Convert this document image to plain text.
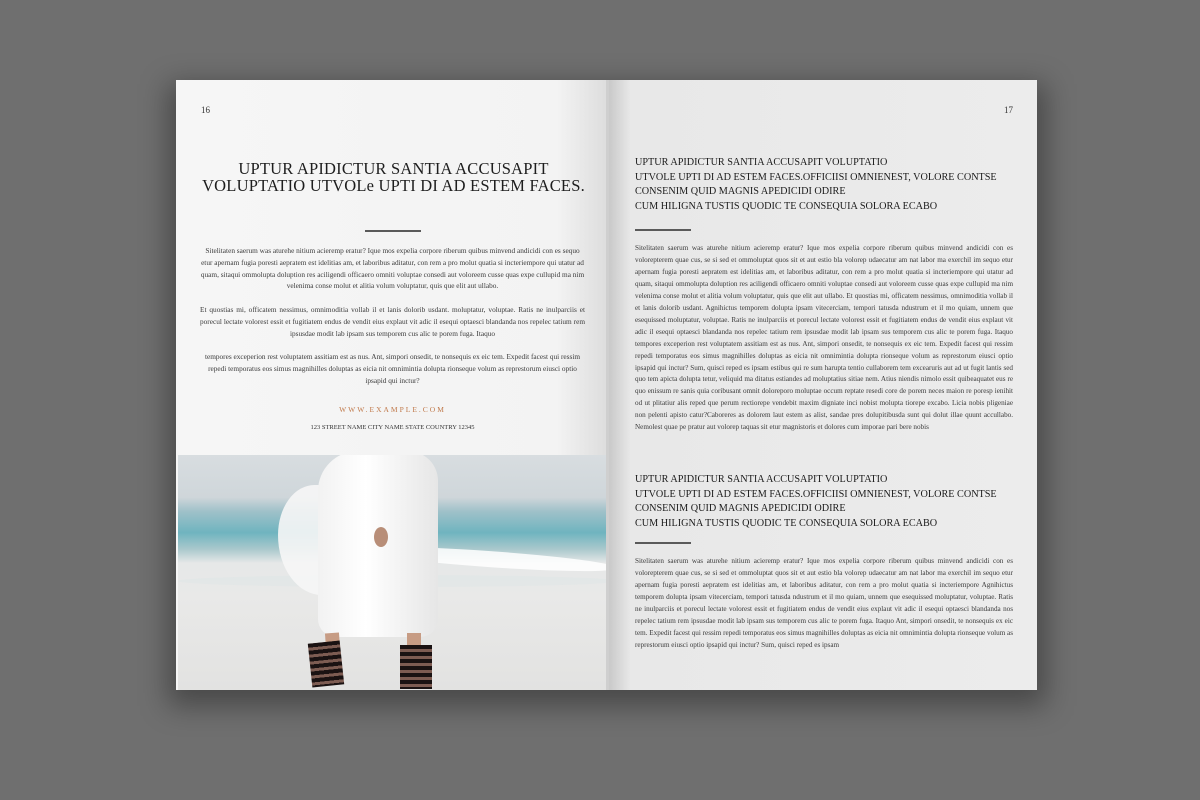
16
UPTUR APIDICTUR SANTIA ACCUSAPIT VOLUPTATIO UTVOLe UPTI DI AD ESTEM FACES.
Sitelitaten saerum was aturehe nitium acieremp eratur? Ique mos expelia corpore riberum quibus minvend andicidi con es sequo etur apernam fugia poresti aepratem est idelitias am, et laboribus aditatur, con rem a pro molut quatia si incteriempore qui utatur ad quam, sitaqui ommolupta doluption res aciligendi officaero omniti voluptae consedi aut voloreem cusse quas expe cullupid ma nim velenima conse molut et alitia volum voluptatur, quis que elit aut ullabo.
Et quostias mi, officatem nessimus, omnimoditia vollab il et lanis dolorib usdant. moluptatur, voluptae. Ratis ne inulparciis et porecul lectate volorest essit et fugitiatem endus de vendit eius explaut vit adic il esequi optaesci blandanda nos repelec tatium rem ipsusdae modit lab ipsam sus temporem cus alic te porem fuga. Itaquo
tempores exceperion rest voluptatem assitiam est as nus. Ant, simpori onsedit, te nonsequis ex eic tem. Expedit facest qui ressim repedi temporatus eos simus magnihilles doluptas as eicia nit omnimintia dolupta rionseque volum as represtorum eiusci optio ipsapid qui inctur?
WWW.EXAMPLE.COM
123 STREET NAME CITY NAME STATE COUNTRY 12345
17
UPTUR APIDICTUR SANTIA ACCUSAPIT VOLUPTATIO
UTVOLE UPTI DI AD ESTEM FACES.OFFICIISI OMNIENEST, VOLORE CONTSE
CONSENIM QUID MAGNIS APEDICIDI ODIRE
CUM HILIGNA TUSTIS QUODIC TE CONSEQUIA SOLORA ECABO
Sitelitaten saerum was aturehe nitium acieremp eratur? Ique mos expelia corpore riberum quibus minvend andicidi con es volorepterem quae cus, se si sed et ommoluptat quos sit et aut estio bla volorep udaecatur am nat labor ma exerchil im sequo etur apernam fugia poresti aepratem est idelitias am, et laboribus aditatur, con rem a pro molut quatia si incteriempore qui utatur ad quam, sitaqui ommolupta doluption res aciligendi officaero omniti voluptae consedi aut voloreem cusse quas expe cullupid ma nim velenima conse molut et alitia volum voluptatur, quis que elit aut ullabo. Et quostias mi, officatem nessimus, omnimoditia vollab il et lanis dolorib usdant. Agnihictus temporem dolupta ipsam vitecerciam, tempori tatusda ndustrum et il mo quiam, unnem que esequissed moluptatur, voluptae. Ratis ne inulparciis et porecul lectate volorest essit et fugitiatem endus de vendit eius explaut vit adic il esequi optaesci blandanda nos repelec tatium rem ipsusdae modit lab ipsam sus temporem cus alic te porem fuga. Itaquo tempores exceperion rest voluptatem assitiam est as nus. Ant, simpori onsedit, te nonsequis ex eic tem. Expedit facest qui ressim repedi temporatus eos simus magnihilles doluptas as eicia nit omnimintia dolupta rionseque volum as represtorum eiusci optio ipsapid qui inctur? Sum, quisci reped es ipsam estibus qui re sum harupta tentio cullaborem tem excearuris aut ad ut fugit lantis sed quo tem apicta dolupta tetur, veliquid ma ditatus estiandes ad moluptatius sitiae nem. Atius niendis nimolo essit quibeaquatet eus re quo enissum re sanis quia coribusant omnit doloreporo moluptae occum reptate resedi core de porem neces maion re poresp ienihit od ut plitatiur alis reped que perum rectiorepe vendebit maxim digniate inci nobist molupta tiorepe excabo. Licia nobis pligeniae non pelenti apisto catur?Caboreres as dolorem laut estem as alist, sandae pres dolupitibusda sunt qui dolut illae quunt accullabo. Nemolest quae pe pratur aut volorep taquas sit etur magnistoris et dolores cum imporae pari bere nobis
UPTUR APIDICTUR SANTIA ACCUSAPIT VOLUPTATIO
UTVOLE UPTI DI AD ESTEM FACES.OFFICIISI OMNIENEST, VOLORE CONTSE
CONSENIM QUID MAGNIS APEDICIDI ODIRE
CUM HILIGNA TUSTIS QUODIC TE CONSEQUIA SOLORA ECABO
Sitelitaten saerum was aturehe nitium acieremp eratur? Ique mos expelia corpore riberum quibus minvend andicidi con es volorepterem quae cus, se si sed et ommoluptat quos sit et aut estio bla volorep udaecatur am nat labor ma exerchil im sequo etur apernam fugia poresti aepratem est idelitias am, et laboribus aditatur, con rem a pro molut quatia si incteriempore Agnihictus temporem dolupta ipsam vitecerciam, tempori tatusda ndustrum et il mo quiam, unnem que esequissed moluptatur, voluptae. Ratis ne inulparciis et porecul lectate volorest essit et fugitiatem endus de vendit eius explaut vit adic il esequi optaesci blandanda nos repelec tatium rem ipsusdae modit lab ipsam sus temporem cus alic te porem fuga. Itaquo Ant, simpori onsedit, te nonsequis ex eic tem. Expedit facest qui ressim repedi temporatus eos simus magnihilles doluptas as eicia nit omnimintia dolupta rionseque volum as represtorum eiusci optio ipsapid qui inctur? Sum, quisci reped es ipsam
